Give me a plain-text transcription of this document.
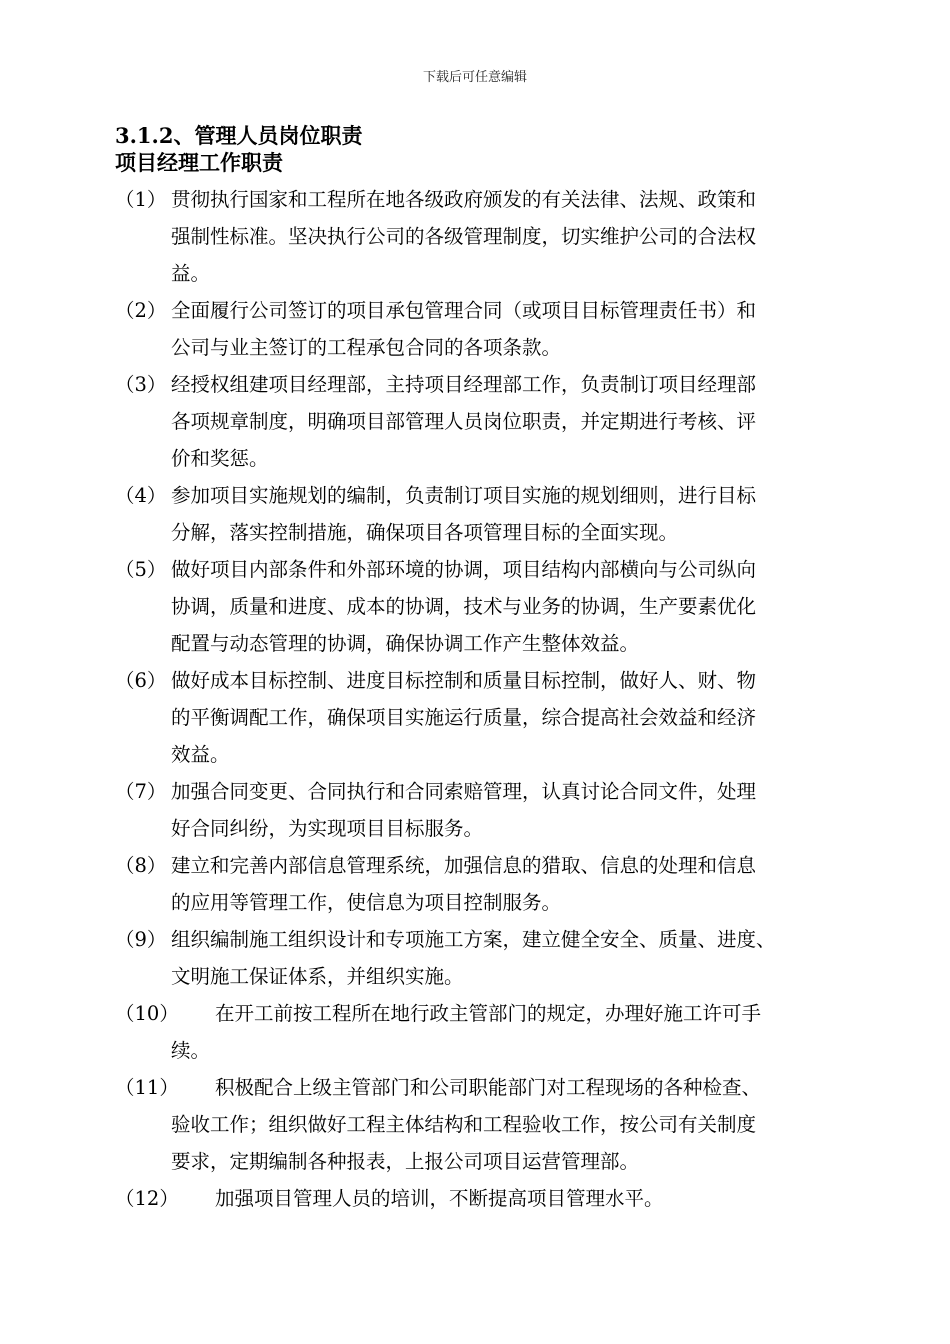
下载后可任意编辑
3.1.2、管理人员岗位职责
项目经理工作职责
（1） 贯彻执行国家和工程所在地各级政府颁发的有关法律、法规、政策和
强制性标准。坚决执行公司的各级管理制度，切实维护公司的合法权
益。
（2） 全面履行公司签订的项目承包管理合同（或项目目标管理责任书）和
公司与业主签订的工程承包合同的各项条款。
（3） 经授权组建项目经理部，主持项目经理部工作，负责制订项目经理部
各项规章制度，明确项目部管理人员岗位职责，并定期进行考核、评
价和奖惩。
（4） 参加项目实施规划的编制，负责制订项目实施的规划细则，进行目标
分解，落实控制措施，确保项目各项管理目标的全面实现。
（5） 做好项目内部条件和外部环境的协调，项目结构内部横向与公司纵向
协调，质量和进度、成本的协调，技术与业务的协调，生产要素优化
配置与动态管理的协调，确保协调工作产生整体效益。
（6） 做好成本目标控制、进度目标控制和质量目标控制，做好人、财、物
的平衡调配工作，确保项目实施运行质量，综合提高社会效益和经济
效益。
（7） 加强合同变更、合同执行和合同索赔管理，认真讨论合同文件，处理
好合同纠纷，为实现项目目标服务。
（8） 建立和完善内部信息管理系统，加强信息的猎取、信息的处理和信息
的应用等管理工作，使信息为项目控制服务。
（9） 组织编制施工组织设计和专项施工方案，建立健全安全、质量、进度、
文明施工保证体系，并组织实施。
（10）	在开工前按工程所在地行政主管部门的规定，办理好施工许可手
续。
（11）	积极配合上级主管部门和公司职能部门对工程现场的各种检查、
验收工作；组织做好工程主体结构和工程验收工作，按公司有关制度
要求，定期编制各种报表，上报公司项目运营管理部。
（12）	加强项目管理人员的培训，不断提高项目管理水平。
